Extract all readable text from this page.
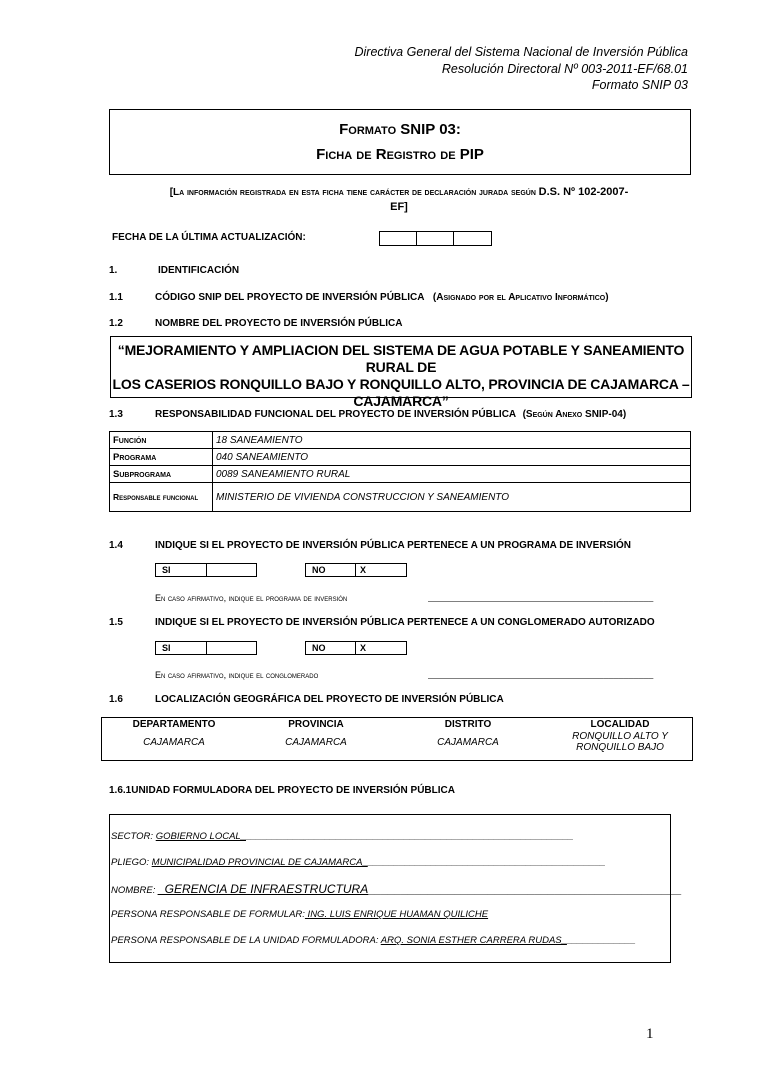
Directiva General del Sistema Nacional de Inversión Pública
Resolución Directoral Nº 003-2011-EF/68.01
Formato SNIP 03
Formato SNIP 03:
Ficha de Registro de PIP
[La información registrada en esta ficha tiene carácter de declaración jurada según D.S. Nº 102-2007-
EF]
FECHA DE LA ÚLTIMA ACTUALIZACIÓN:
1.	IDENTIFICACIÓN
1.1	CÓDIGO SNIP DEL PROYECTO DE INVERSIÓN PÚBLICA (Asignado por el Aplicativo Informático)
1.2	NOMBRE DEL PROYECTO DE INVERSIÓN PÚBLICA
“MEJORAMIENTO Y AMPLIACION DEL SISTEMA DE AGUA POTABLE Y SANEAMIENTO RURAL DE
LOS CASERIOS RONQUILLO BAJO Y RONQUILLO ALTO, PROVINCIA DE CAJAMARCA –
CAJAMARCA”
1.3	RESPONSABILIDAD FUNCIONAL DEL PROYECTO DE INVERSIÓN PÚBLICA (Según Anexo SNIP-04)
Función	18 SANEAMIENTO
Programa	040 SANEAMIENTO
Subprograma	0089 SANEAMIENTO RURAL
Responsable funcional	MINISTERIO DE VIVIENDA CONSTRUCCION Y SANEAMIENTO
1.4	INDIQUE SI EL PROYECTO DE INVERSIÓN PÚBLICA PERTENECE A UN PROGRAMA DE INVERSIÓN
SI	NO	X
En caso afirmativo, indique el programa de inversión	_____________________________________________
1.5	INDIQUE SI EL PROYECTO DE INVERSIÓN PÚBLICA PERTENECE A UN CONGLOMERADO AUTORIZADO
SI	NO	X
En caso afirmativo, indique el conglomerado	_____________________________________________
1.6	LOCALIZACIÓN GEOGRÁFICA DEL PROYECTO DE INVERSIÓN PÚBLICA
DEPARTAMENTO	PROVINCIA	DISTRITO	LOCALIDAD
CAJAMARCA	CAJAMARCA	CAJAMARCA	RONQUILLO ALTO Y
RONQUILLO BAJO
1.6.1UNIDAD FORMULADORA DEL PROYECTO DE INVERSIÓN PÚBLICA
SECTOR: GOBIERNO LOCAL_______________________________________________________________
PLIEGO: MUNICIPALIDAD PROVINCIAL DE CAJAMARCA______________________________________________
NOMBRE: _GERENCIA DE INFRAESTRUCTURA_______________________________________________
PERSONA RESPONSABLE DE FORMULAR: ING. LUIS ENRIQUE HUAMAN QUILICHE
PERSONA RESPONSABLE DE LA UNIDAD FORMULADORA: ARQ. SONIA ESTHER CARRERA RUDAS______________
1
